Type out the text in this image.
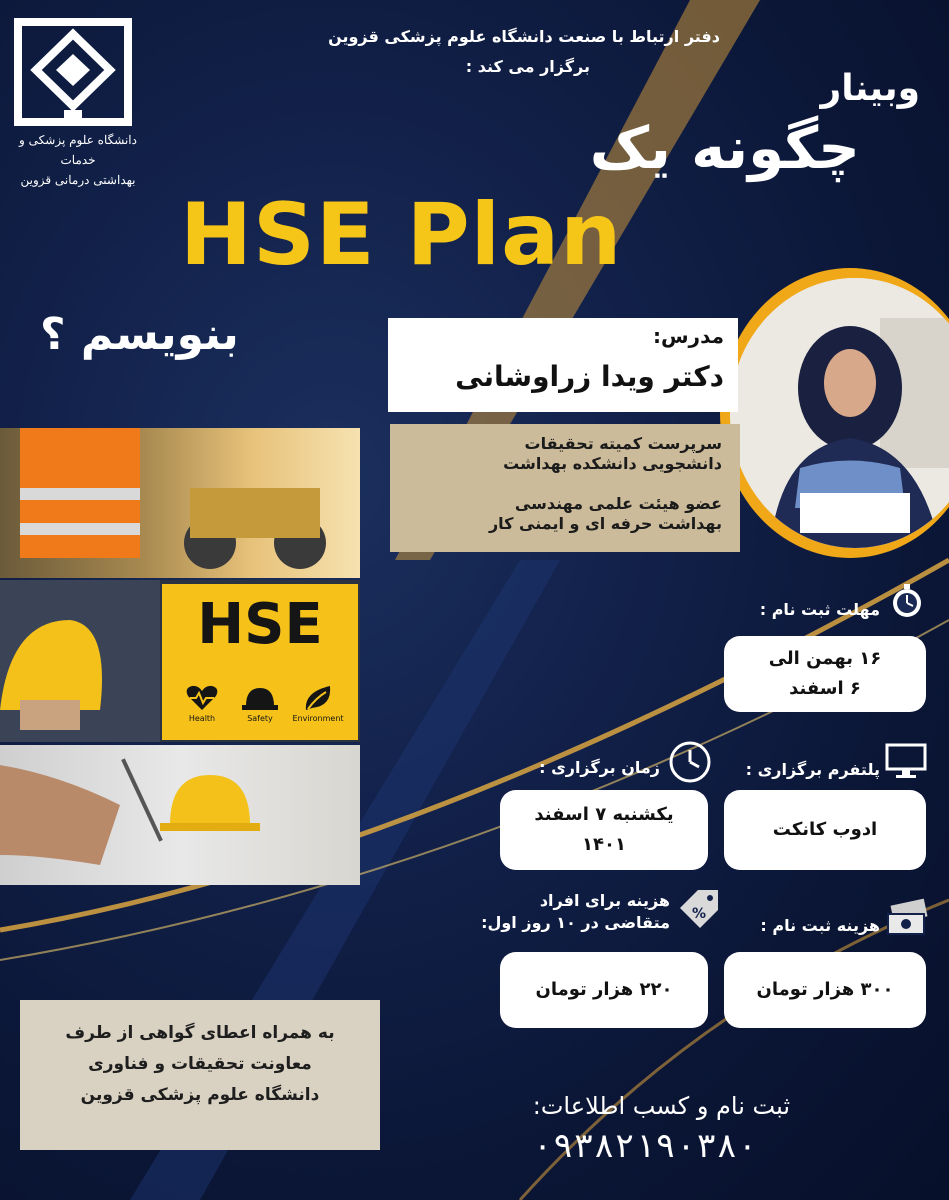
دانشگاه علوم پزشکی و خدمات
بهداشتی درمانی قزوین
دفتر ارتباط با صنعت دانشگاه علوم پزشکی قزوین
برگزار می کند :
وبینار
چگونه یک
HSE Plan
بنویسم ؟	مدرس:
دکتر ویدا زراوشانی
سرپرست کمیته تحقیقات
دانشجویی دانشکده بهداشت
عضو هیئت علمی مهندسی
بهداشت حرفه ای و ایمنی کار
HSE
Health	Safety	Environment
مهلت ثبت نام :
۱۶ بهمن الی
۶ اسفند
زمان برگزاری :
یکشنبه ۷ اسفند
۱۴۰۱
پلتفرم برگزاری :
ادوب کانکت
%
هزینه برای افراد
متقاضی در ۱۰ روز اول:
۲۲۰ هزار تومان
هزینه ثبت نام :
۳۰۰ هزار تومان
به همراه اعطای گواهی از طرف
معاونت تحقیقات و فناوری
دانشگاه علوم پزشکی قزوین	ثبت نام و کسب اطلاعات:
۰۹۳۸۲۱۹۰۳۸۰
